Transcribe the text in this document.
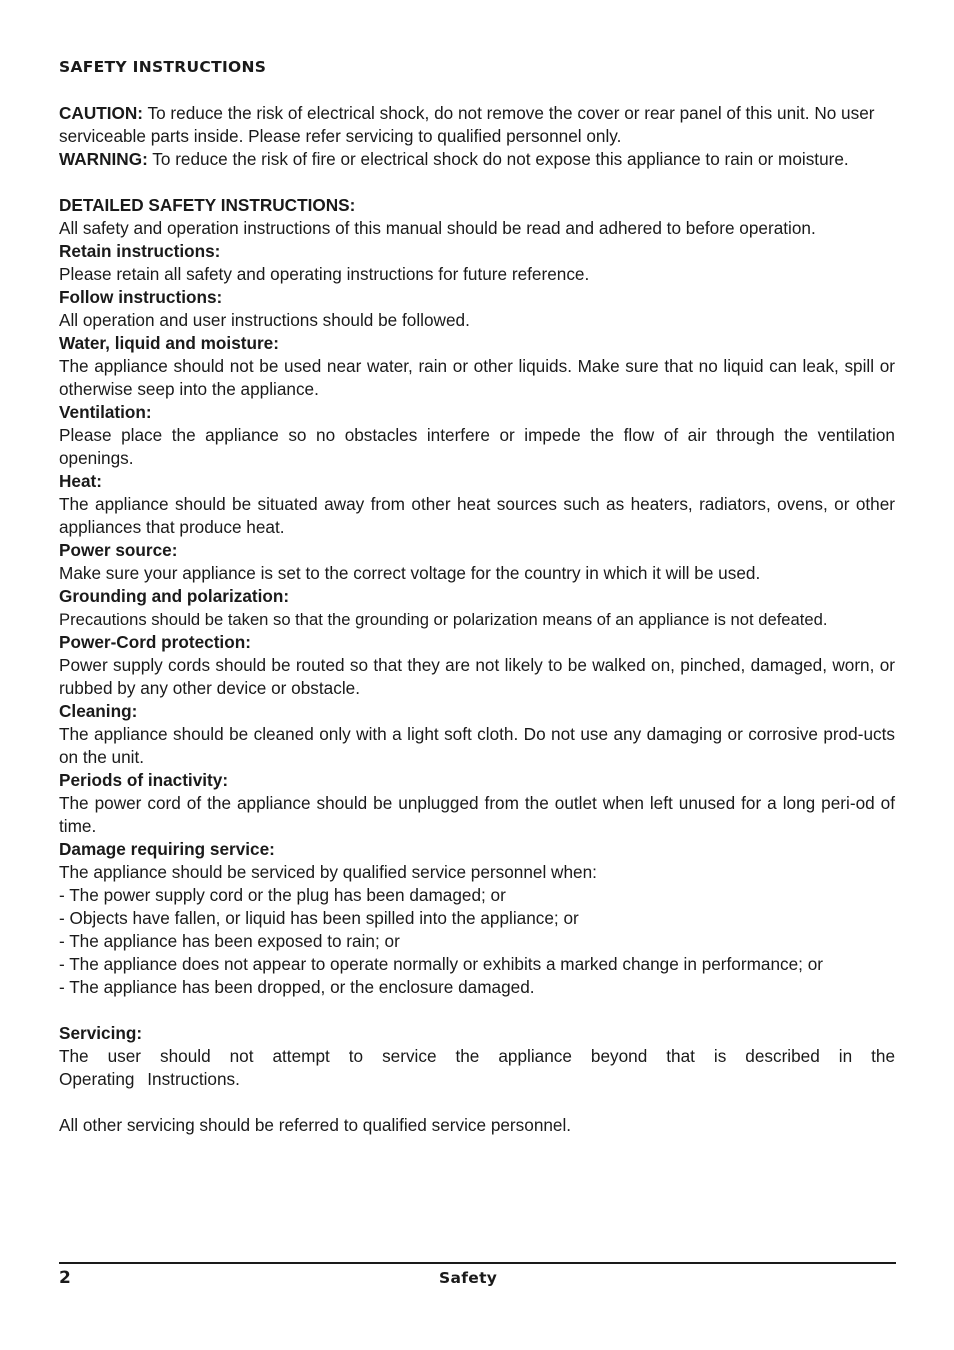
SAFETY INSTRUCTIONS

CAUTION: To reduce the risk of electrical shock, do not remove the cover or rear panel of this unit. No user serviceable parts inside. Please refer servicing to qualified personnel only.

WARNING: To reduce the risk of fire or electrical shock do not expose this appliance to rain or moisture.

DETAILED SAFETY INSTRUCTIONS:

All safety and operation instructions of this manual should be read and adhered to before operation.

Retain instructions:

Please retain all safety and operating instructions for future reference.

Follow instructions:

All operation and user instructions should be followed.

Water, liquid and moisture:

The appliance should not be used near water, rain or other liquids. Make sure that no liquid can leak, spill or otherwise seep into the appliance.

Ventilation:

Please place the appliance so no obstacles interfere or impede the flow of air through the ventilation openings.

Heat:

The appliance should be situated away from other heat sources such as heaters, radiators, ovens, or other appliances that produce heat.

Power source:

Make sure your appliance is set to the correct voltage for the country in which it will be used.

Grounding and polarization:

Precautions should be taken so that the grounding or polarization means of an appliance is not defeated.

Power-Cord protection:

Power supply cords should be routed so that they are not likely to be walked on, pinched, damaged, worn, or rubbed by any other device or obstacle.

Cleaning:

The appliance should be cleaned only with a light soft cloth. Do not use any damaging or corrosive prod-ucts on the unit.

Periods of inactivity:

The power cord of the appliance should be unplugged from the outlet when left unused for a long peri-od of time.

Damage requiring service:

The appliance should be serviced by qualified service personnel when:

- The power supply cord or the plug has been damaged; or

- Objects have fallen, or liquid has been spilled into the appliance; or

- The appliance has been exposed to rain; or

- The appliance does not appear to operate normally or exhibits a marked change in performance; or

- The appliance has been dropped, or the enclosure damaged.

Servicing:

The user should not attempt to service the appliance beyond that is described in the Operating Instructions.

All other servicing should be referred to qualified service personnel.

2	Safety
